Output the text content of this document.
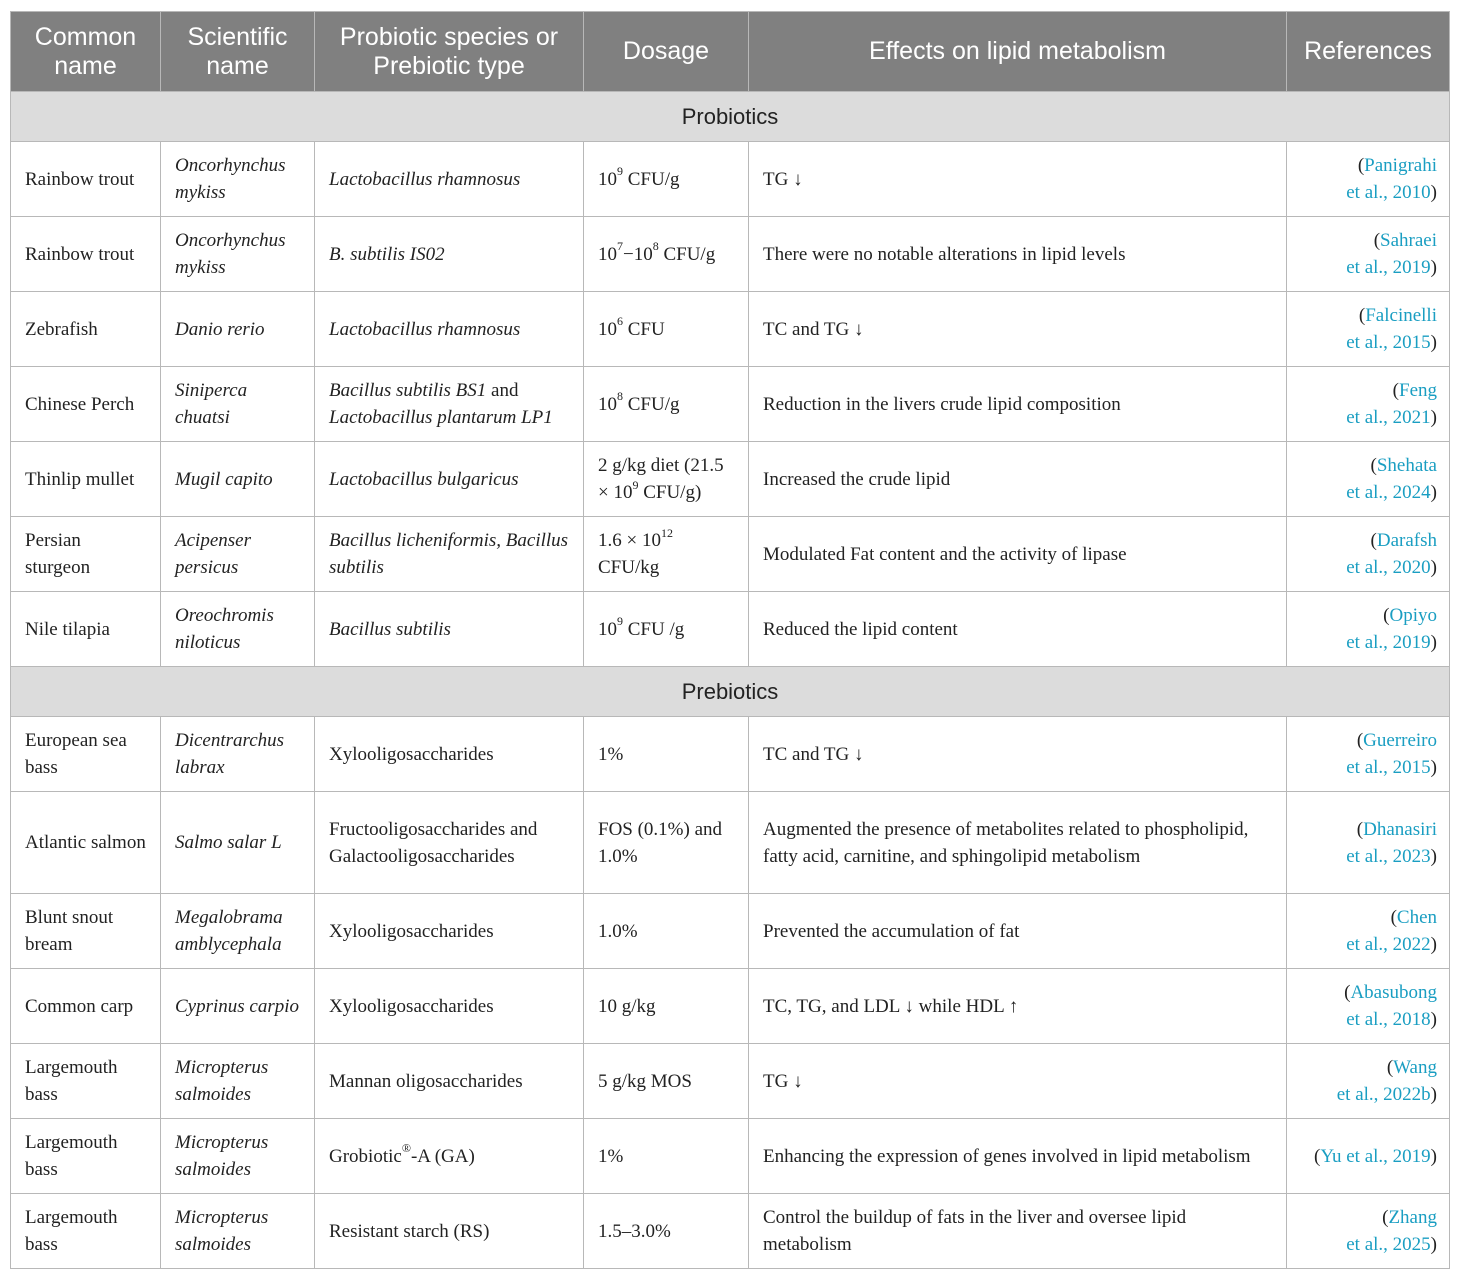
Common name	Scientific name	Probiotic species or Prebiotic type	Dosage	Effects on lipid metabolism	References
Probiotics					
Rainbow trout	Oncorhynchus mykiss	Lactobacillus rhamnosus	$10^9$ CFU/g	TG ↓	(Panigrahi
et al., 2010)
Rainbow trout	Oncorhynchus mykiss	B. subtilis IS02	$10^7-10^8$ CFU/g	There were no notable alterations in lipid levels	(Sahraei
et al., 2019)
Zebrafish	Danio rerio	Lactobacillus rhamnosus	$10^6$ CFU	TC and TG ↓	(Falcinelli
et al., 2015)
Chinese Perch	Siniperca chuatsi	Bacillus subtilis BS1 and
Lactobacillus plantarum LP1	$10^8$ CFU/g	Reduction in the livers crude lipid composition	(Feng
et al., 2021)
Thinlip mullet	Mugil capito	Lactobacillus bulgaricus	2 g/kg diet (21.5
× $10^9$ CFU/g)	Increased the crude lipid	(Shehata
et al., 2024)
Persian sturgeon	Acipenser persicus	Bacillus licheniformis, Bacillus subtilis	$1.6 \times 10^{12}$
CFU/kg	Modulated Fat content and the activity of lipase	(Darafsh
et al., 2020)
Nile tilapia	Oreochromis niloticus	Bacillus subtilis	$10^9$ CFU /g	Reduced the lipid content	(Opiyo
et al., 2019)
Prebiotics					
European sea bass	Dicentrarchus labrax	Xylooligosaccharides	1%	TC and TG ↓	(Guerreiro
et al., 2015)
Atlantic salmon	Salmo salar L	Fructooligosaccharides and Galactooligosaccharides	FOS (0.1%) and 1.0%	Augmented the presence of metabolites related to phospholipid, fatty acid, carnitine, and sphingolipid metabolism	(Dhanasiri
et al., 2023)
Blunt snout bream	Megalobrama amblycephala	Xylooligosaccharides	1.0%	Prevented the accumulation of fat	(Chen
et al., 2022)
Common carp	Cyprinus carpio	Xylooligosaccharides	10 g/kg	TC, TG, and LDL ↓ while HDL ↑	(Abasubong
et al., 2018)
Largemouth bass	Micropterus salmoides	Mannan oligosaccharides	5 g/kg MOS	TG ↓	(Wang
et al., 2022b)
Largemouth bass	Micropterus salmoides	Grobiotic®-A (GA)	1%	Enhancing the expression of genes involved in lipid metabolism	(Yu et al., 2019)
Largemouth bass	Micropterus salmoides	Resistant starch (RS)	1.5–3.0%	Control the buildup of fats in the liver and oversee lipid metabolism	(Zhang
et al., 2025)
